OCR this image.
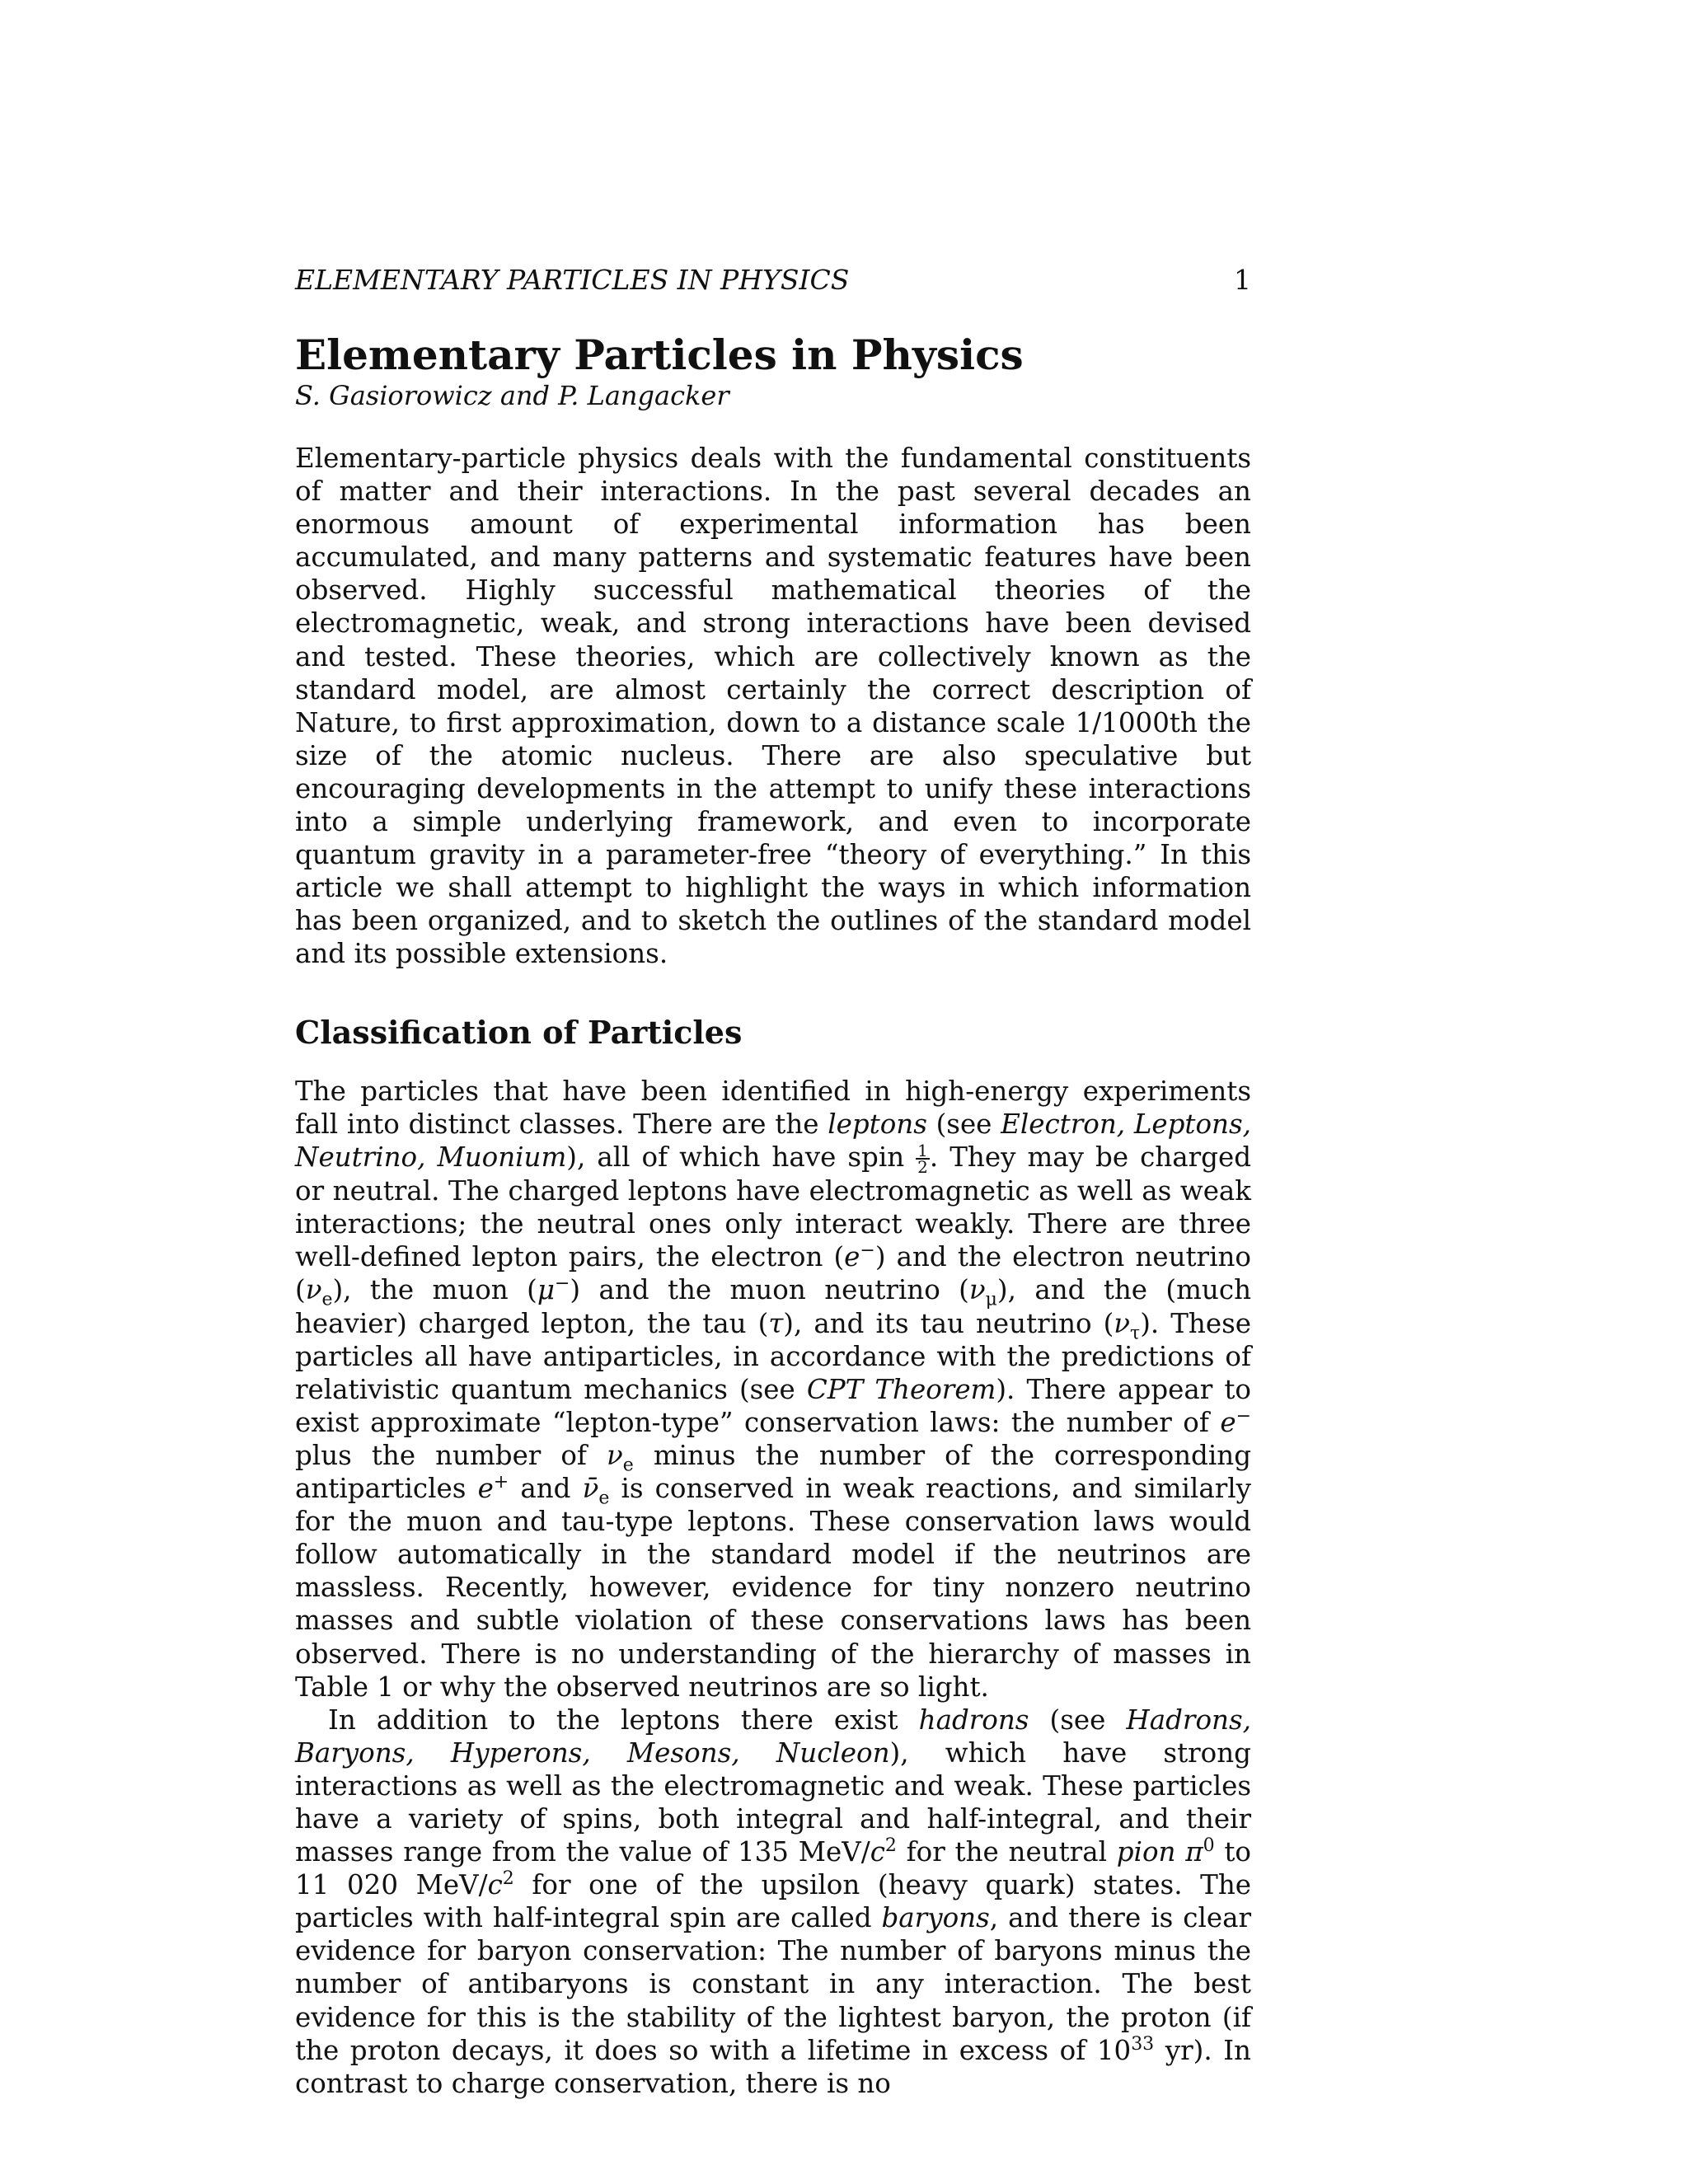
ELEMENTARY PARTICLES IN PHYSICS	1
Elementary Particles in Physics
S. Gasiorowicz and P. Langacker

Elementary-particle physics deals with the fundamental constituents of matter and their interactions. In the past several decades an enormous amount of experimental information has been accumulated, and many patterns and systematic features have been observed. Highly successful mathematical theories of the electromagnetic, weak, and strong interactions have been devised and tested. These theories, which are collectively known as the standard model, are almost certainly the correct description of Nature, to first approximation, down to a distance scale 1/1000th the size of the atomic nucleus. There are also speculative but encouraging developments in the attempt to unify these interactions into a simple underlying framework, and even to incorporate quantum gravity in a parameter-free “theory of everything.” In this article we shall attempt to highlight the ways in which information has been organized, and to sketch the outlines of the standard model and its possible extensions.

Classification of Particles

The particles that have been identified in high-energy experiments fall into distinct classes. There are the leptons (see Electron, Leptons, Neutrino, Muonium), all of which have spin $\frac{1}{2}$ . They may be charged or neutral. The charged leptons have electromagnetic as well as weak interactions; the neutral ones only interact weakly. There are three well-defined lepton pairs, the electron (e−) and the electron neutrino $(\nu_e)$, the muon (μ−) and the muon neutrino $(\nu_\mu)$, and the (much heavier) charged lepton, the tau (τ), and its tau neutrino $(\nu_\tau)$. These particles all have antiparticles, in accordance with the predictions of relativistic quantum mechanics (see CPT Theorem). There appear to exist approximate “lepton-type” conservation laws: the number of e− plus the number of $\nu_e$ minus the number of the corresponding antiparticles e+ and $\nū_e$ is conserved in weak reactions, and similarly for the muon and tau-type leptons. These conservation laws would follow automatically in the standard model if the neutrinos are massless. Recently, however, evidence for tiny nonzero neutrino masses and subtle violation of these conservations laws has been observed. There is no understanding of the hierarchy of masses in Table 1 or why the observed neutrinos are so light.

In addition to the leptons there exist hadrons (see Hadrons, Baryons, Hyperons, Mesons, Nucleon), which have strong interactions as well as the electromagnetic and weak. These particles have a variety of spins, both integral and half-integral, and their masses range from the value of 135 MeV/$c^2$ for the neutral pion $\pi^0$ to 11 020 MeV/$c^2$ for one of the upsilon (heavy quark) states. The particles with half-integral spin are called baryons, and there is clear evidence for baryon conservation: The number of baryons minus the number of antibaryons is constant in any interaction. The best evidence for this is the stability of the lightest baryon, the proton (if the proton decays, it does so with a lifetime in excess of $10^{33}$ yr). In contrast to charge conservation, there is no
